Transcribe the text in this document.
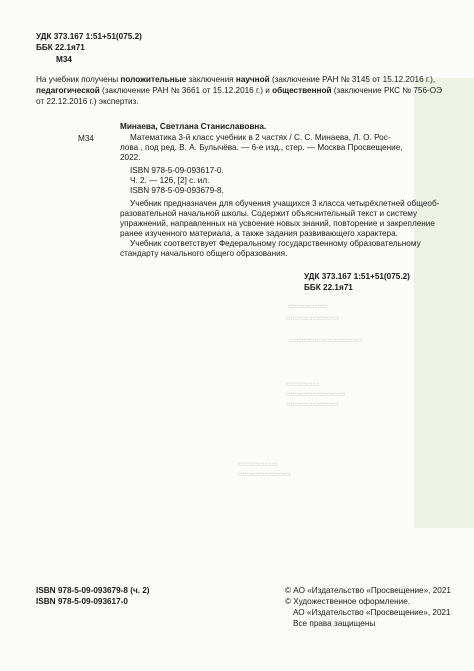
УДК 373.167 1:51+51(075.2)
ББК 22.1я71
М34
На учебник получены положительные заключения научной (заключение РАН № 3145 от 15.12.2016 г.),
педагогической (заключение РАН № 3661 от 15.12.2016 г.) и общественной (заключение РКС № 756-ОЭ
от 22.12.2016 г.) экспертиз.
М34
Минаева, Светлана Станиславовна.
Математика 3-й класс учебник в 2 частях / С. С. Минаева, Л. О. Рос-
лова , под ред. В. А. Булычёва. — 6-е изд., стер. — Москва Просвещение,
2022.
ISBN 978-5-09-093617-0.
Ч. 2. — 126, [2] с. ил.
ISBN 978-5-09-093679-8.
Учебник предназначен для обучения учащихся 3 класса четырёхлетней общеоб-
разовательной начальной школы. Содержит объяснительный текст и систему
упражнений, направленных на усвоение новых знаний, повторение и закрепление
ранее изученного материала, а также задания развивающего характера.
Учебник соответствует Федеральному государственному образовательному
стандарту начального общего образования.
УДК 373.167 1:51+51(075.2)
ББК 22.1я71
▭▭▭▭▭▭
▭▭▭▭▭▭▭▭
▭▭▭▭▭▭▭▭▭▭▭
▭▭▭▭▭
▭▭▭▭▭▭▭▭▭
▭▭▭▭▭▭▭▭
▭▭▭▭▭▭
▭▭▭▭▭▭▭▭
ISBN 978-5-09-093679-8 (ч. 2)
ISBN 978-5-09-093617-0
© АО «Издательство «Просвещение», 2021
© Художественное оформление.
АО «Издательство «Просвещение», 2021
Все права защищены
